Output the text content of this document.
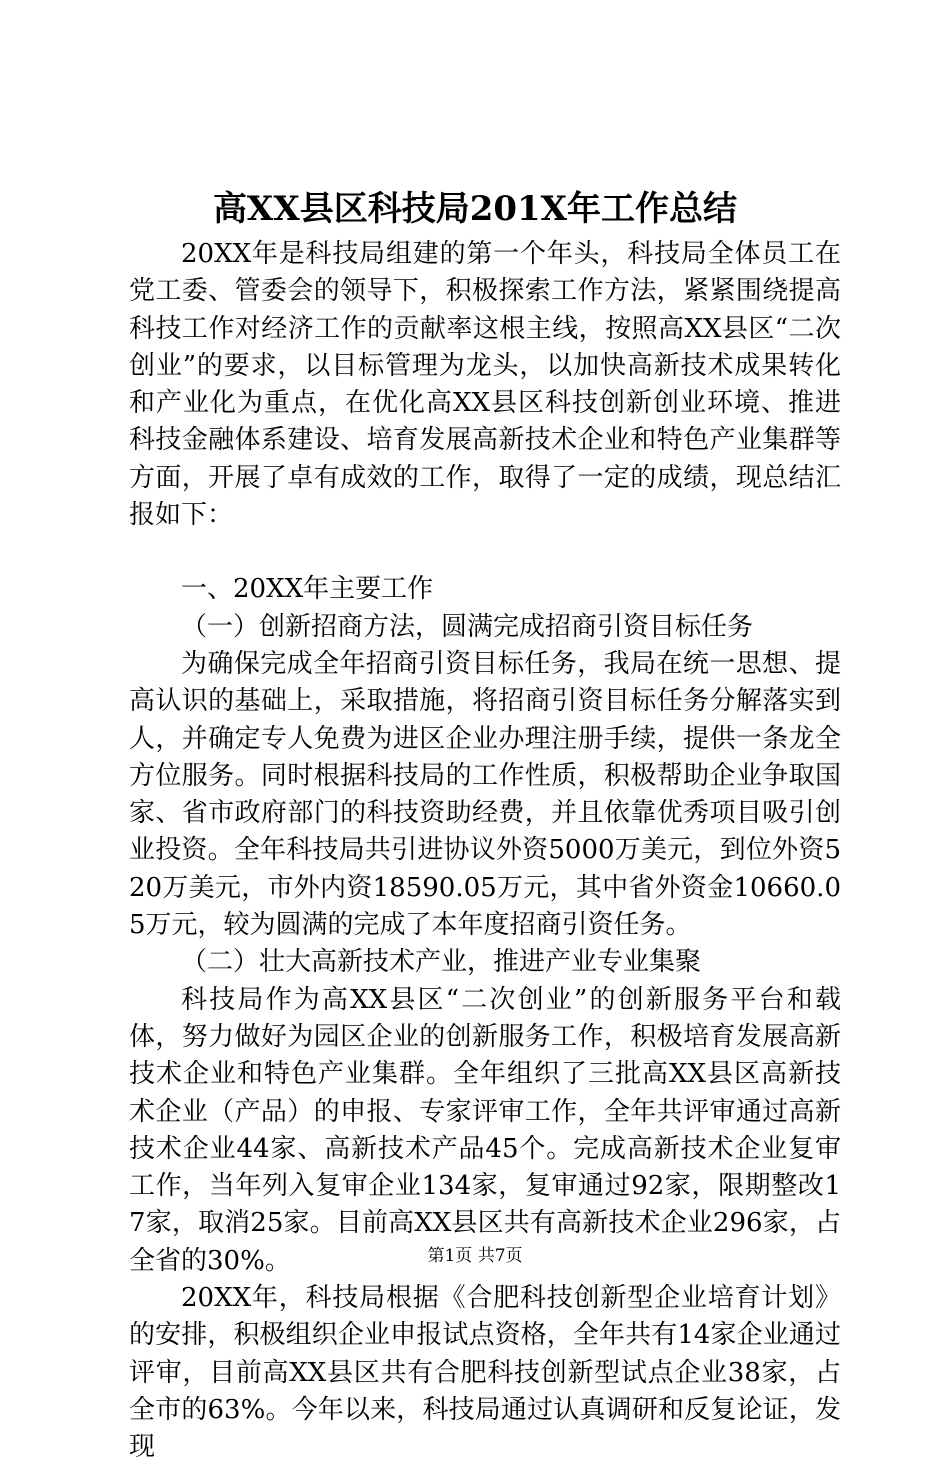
高XX县区科技局201X年工作总结

20XX年是科技局组建的第一个年头，科技局全体员工在党工委、管委会的领导下，积极探索工作方法，紧紧围绕提高科技工作对经济工作的贡献率这根主线，按照高XX县区“二次创业”的要求，以目标管理为龙头，以加快高新技术成果转化和产业化为重点，在优化高XX县区科技创新创业环境、推进科技金融体系建设、培育发展高新技术企业和特色产业集群等方面，开展了卓有成效的工作，取得了一定的成绩，现总结汇报如下：

一、20XX年主要工作

（一）创新招商方法，圆满完成招商引资目标任务

为确保完成全年招商引资目标任务，我局在统一思想、提高认识的基础上，采取措施，将招商引资目标任务分解落实到人，并确定专人免费为进区企业办理注册手续，提供一条龙全方位服务。同时根据科技局的工作性质，积极帮助企业争取国家、省市政府部门的科技资助经费，并且依靠优秀项目吸引创业投资。全年科技局共引进协议外资5000万美元，到位外资520万美元，市外内资18590.05万元，其中省外资金10660.05万元，较为圆满的完成了本年度招商引资任务。

（二）壮大高新技术产业，推进产业专业集聚

科技局作为高XX县区“二次创业”的创新服务平台和载体，努力做好为园区企业的创新服务工作，积极培育发展高新技术企业和特色产业集群。全年组织了三批高XX县区高新技术企业（产品）的申报、专家评审工作，全年共评审通过高新技术企业44家、高新技术产品45个。完成高新技术企业复审工作，当年列入复审企业134家，复审通过92家，限期整改17家，取消25家。目前高XX县区共有高新技术企业296家，占全省的30%。

20XX年，科技局根据《合肥科技创新型企业培育计划》的安排，积极组织企业申报试点资格，全年共有14家企业通过评审，目前高XX县区共有合肥科技创新型试点企业38家，占全市的63%。今年以来，科技局通过认真调研和反复论证，发现

第1页 共7页
